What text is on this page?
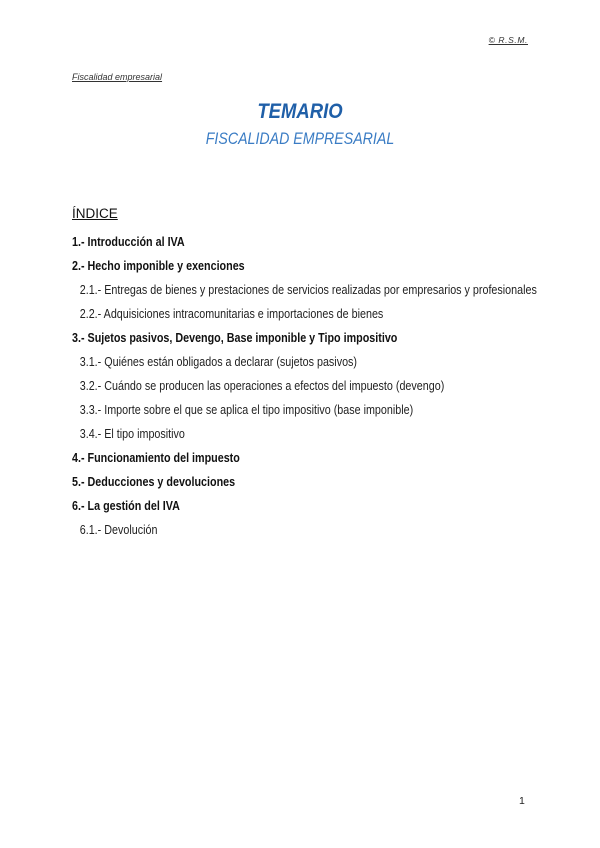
© R.S.M.
Fiscalidad empresarial
TEMARIO
FISCALIDAD EMPRESARIAL
ÍNDICE
1.- Introducción al IVA
2.- Hecho imponible y exenciones
2.1.- Entregas de bienes y prestaciones de servicios realizadas por empresarios y profesionales
2.2.- Adquisiciones intracomunitarias e importaciones de bienes
3.- Sujetos pasivos, Devengo, Base imponible y Tipo impositivo
3.1.- Quiénes están obligados a declarar (sujetos pasivos)
3.2.- Cuándo se producen las operaciones a efectos del impuesto (devengo)
3.3.- Importe sobre el que se aplica el tipo impositivo (base imponible)
3.4.- El tipo impositivo
4.- Funcionamiento del impuesto
5.- Deducciones y devoluciones
6.- La gestión del IVA
6.1.- Devolución
1
